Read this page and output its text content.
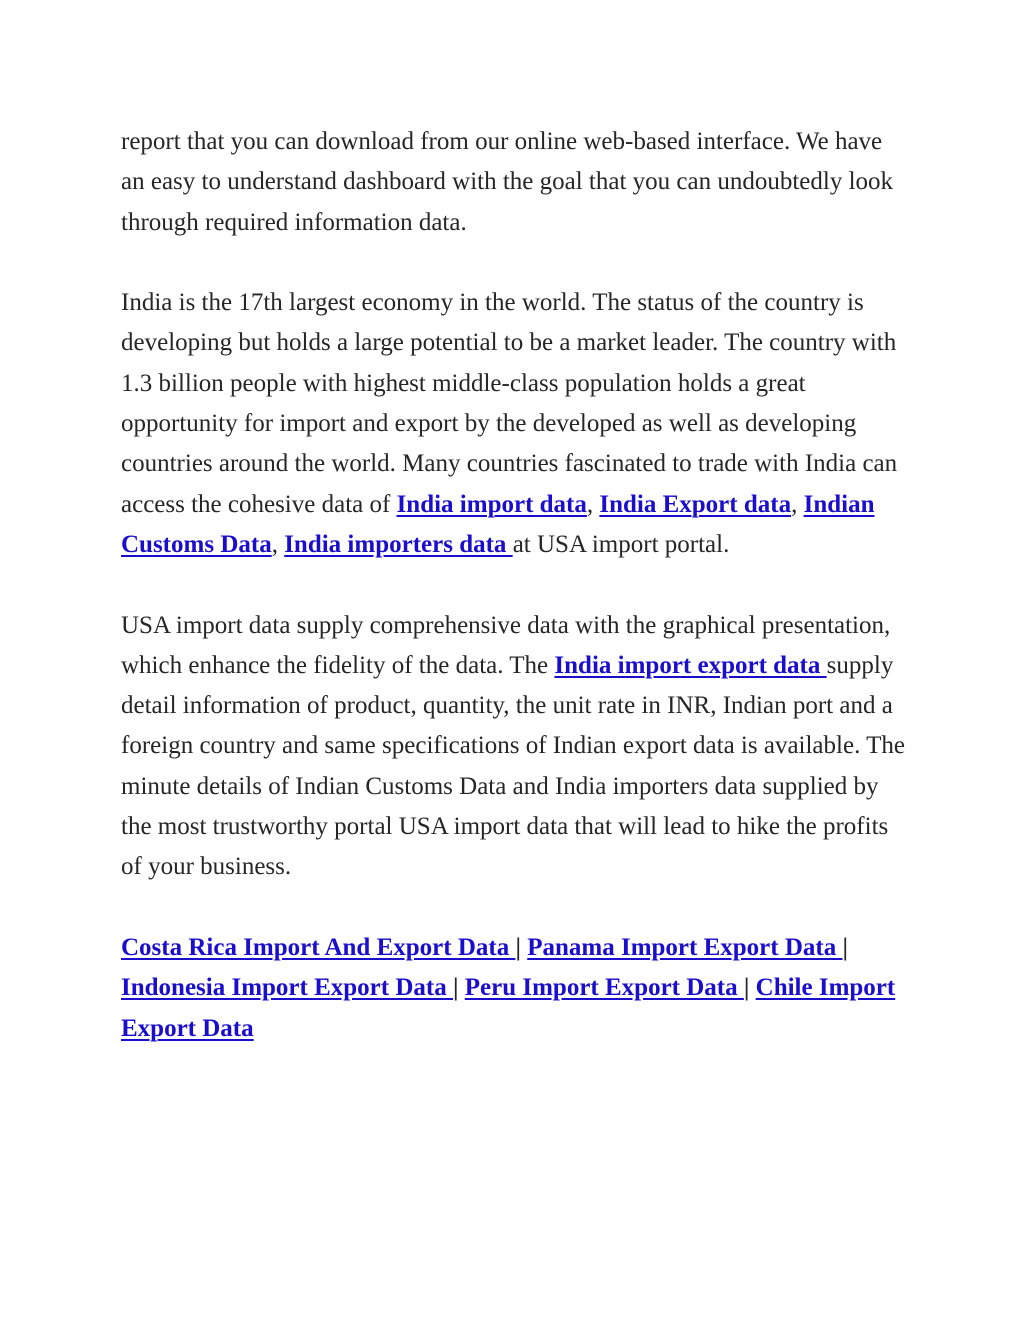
report that you can download from our online web-based interface. We have an easy to understand dashboard with the goal that you can undoubtedly look through required information data.

India is the 17th largest economy in the world. The status of the country is developing but holds a large potential to be a market leader. The country with 1.3 billion people with highest middle-class population holds a great opportunity for import and export by the developed as well as developing countries around the world. Many countries fascinated to trade with India can access the cohesive data of India import data, India Export data, Indian Customs Data, India importers data at USA import portal.

USA import data supply comprehensive data with the graphical presentation, which enhance the fidelity of the data. The India import export data supply detail information of product, quantity, the unit rate in INR, Indian port and a foreign country and same specifications of Indian export data is available. The minute details of Indian Customs Data and India importers data supplied by the most trustworthy portal USA import data that will lead to hike the profits of your business.

Costa Rica Import And Export Data | Panama Import Export Data | Indonesia Import Export Data | Peru Import Export Data | Chile Import Export Data
